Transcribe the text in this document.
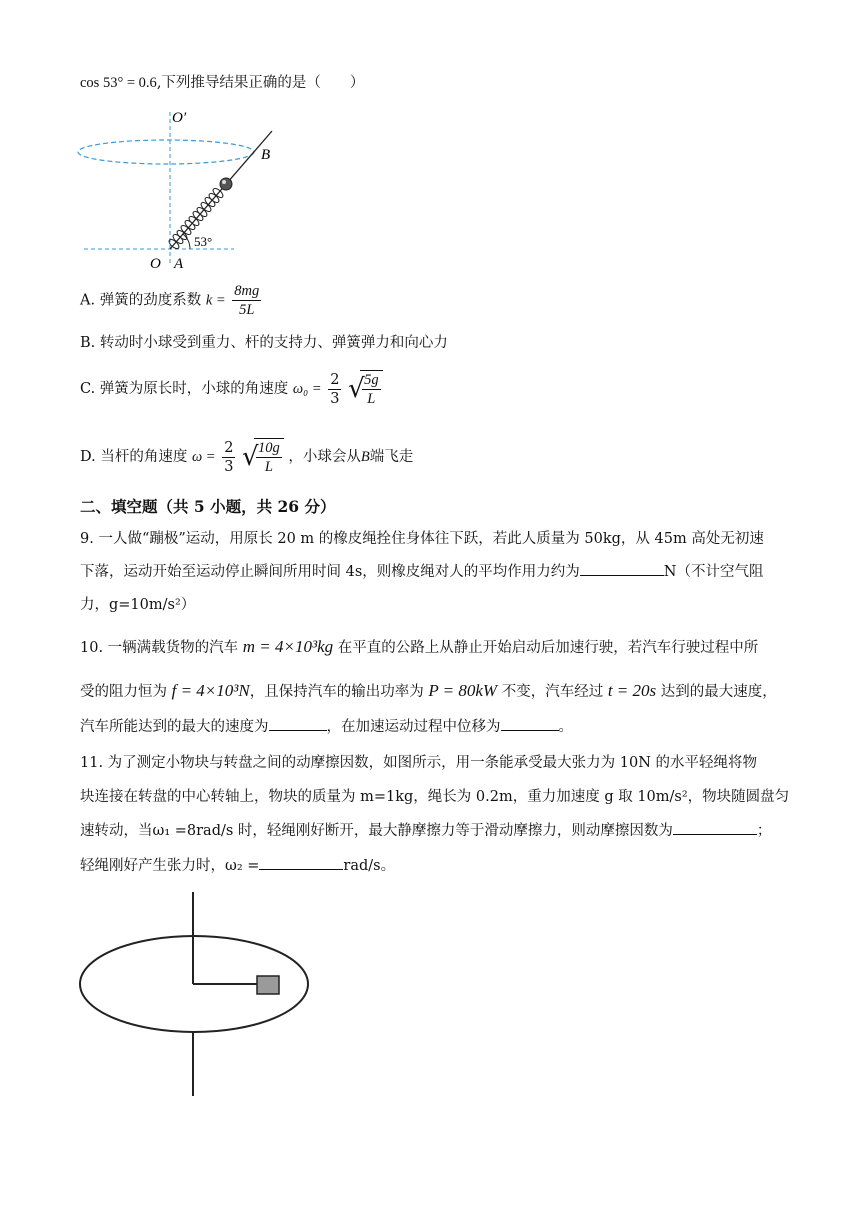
cos 53° = 0.6,下列推导结果正确的是（　　）
O′
B
O A
53°
A. 弹簧的劲度系数 $k = \frac{8mg}{5L}$
B. 转动时小球受到重力、杆的支持力、弹簧弹力和向心力
C. 弹簧为原长时，小球的角速度 $\omega_0 = \frac{2}{3}$
√
$\frac{5g}{L}$
D. 当杆的角速度 $\omega = \frac{2}{3}$
√
$\frac{10g}{L}$ ，小球会从B端飞走
二、填空题（共 5 小题，共 26 分）
9. 一人做“蹦极”运动，用原长 20 m 的橡皮绳拴住身体往下跃，若此人质量为 50kg，从 45m 高处无初速
下落，运动开始至运动停止瞬间所用时间 4s，则橡皮绳对人的平均作用力约为	N（不计空气阻
力，g=10m/s²）
10. 一辆满载货物的汽车 m = 4×10³kg 在平直的公路上从静止开始启动后加速行驶，若汽车行驶过程中所
受的阻力恒为 f = 4×10³N，且保持汽车的输出功率为 P = 80kW 不变，汽车经过 t = 20s 达到的最大速度，
汽车所能达到的最大的速度为	，在加速运动过程中位移为	。
11. 为了测定小物块与转盘之间的动摩擦因数，如图所示，用一条能承受最大张力为 10N 的水平轻绳将物
块连接在转盘的中心转轴上，物块的质量为 m=1kg，绳长为 0.2m，重力加速度 g 取 10m/s²，物块随圆盘匀
速转动，当ω₁ =8rad/s 时，轻绳刚好断开，最大静摩擦力等于滑动摩擦力，则动摩擦因数为	；
轻绳刚好产生张力时，ω₂ =	rad/s。
